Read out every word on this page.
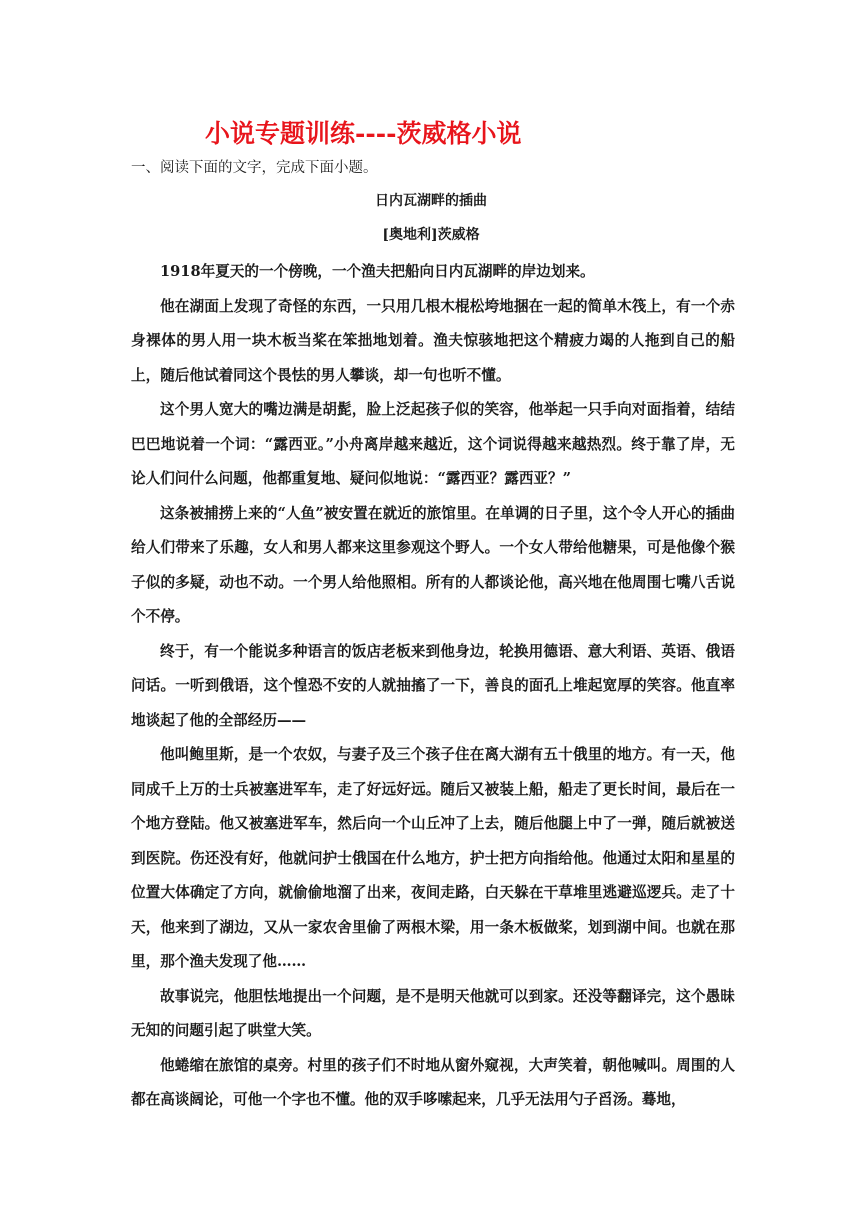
小说专题训练----茨威格小说
一、阅读下面的文字，完成下面小题。
日内瓦湖畔的插曲
[奥地利]茨威格

1918年夏天的一个傍晚，一个渔夫把船向日内瓦湖畔的岸边划来。

他在湖面上发现了奇怪的东西，一只用几根木棍松垮地捆在一起的简单木筏上，有一个赤身裸体的男人用一块木板当桨在笨拙地划着。渔夫惊骇地把这个精疲力竭的人拖到自己的船上，随后他试着同这个畏怯的男人攀谈，却一句也听不懂。

这个男人宽大的嘴边满是胡髭，脸上泛起孩子似的笑容，他举起一只手向对面指着，结结巴巴地说着一个词：“露西亚。”小舟离岸越来越近，这个词说得越来越热烈。终于靠了岸，无论人们问什么问题，他都重复地、疑问似地说：“露西亚？露西亚？”

这条被捕捞上来的“人鱼”被安置在就近的旅馆里。在单调的日子里，这个令人开心的插曲给人们带来了乐趣，女人和男人都来这里参观这个野人。一个女人带给他糖果，可是他像个猴子似的多疑，动也不动。一个男人给他照相。所有的人都谈论他，高兴地在他周围七嘴八舌说个不停。

终于，有一个能说多种语言的饭店老板来到他身边，轮换用德语、意大利语、英语、俄语问话。一听到俄语，这个惶恐不安的人就抽搐了一下，善良的面孔上堆起宽厚的笑容。他直率地谈起了他的全部经历——

他叫鲍里斯，是一个农奴，与妻子及三个孩子住在离大湖有五十俄里的地方。有一天，他同成千上万的士兵被塞进军车，走了好远好远。随后又被装上船，船走了更长时间，最后在一个地方登陆。他又被塞进军车，然后向一个山丘冲了上去，随后他腿上中了一弹，随后就被送到医院。伤还没有好，他就问护士俄国在什么地方，护士把方向指给他。他通过太阳和星星的位置大体确定了方向，就偷偷地溜了出来，夜间走路，白天躲在干草堆里逃避巡逻兵。走了十天，他来到了湖边，又从一家农舍里偷了两根木梁，用一条木板做桨，划到湖中间。也就在那里，那个渔夫发现了他……

故事说完，他胆怯地提出一个问题，是不是明天他就可以到家。还没等翻译完，这个愚昧无知的问题引起了哄堂大笑。

他蜷缩在旅馆的桌旁。村里的孩子们不时地从窗外窥视，大声笑着，朝他喊叫。周围的人都在高谈阔论，可他一个字也不懂。他的双手哆嗦起来，几乎无法用勺子舀汤。蓦地，
